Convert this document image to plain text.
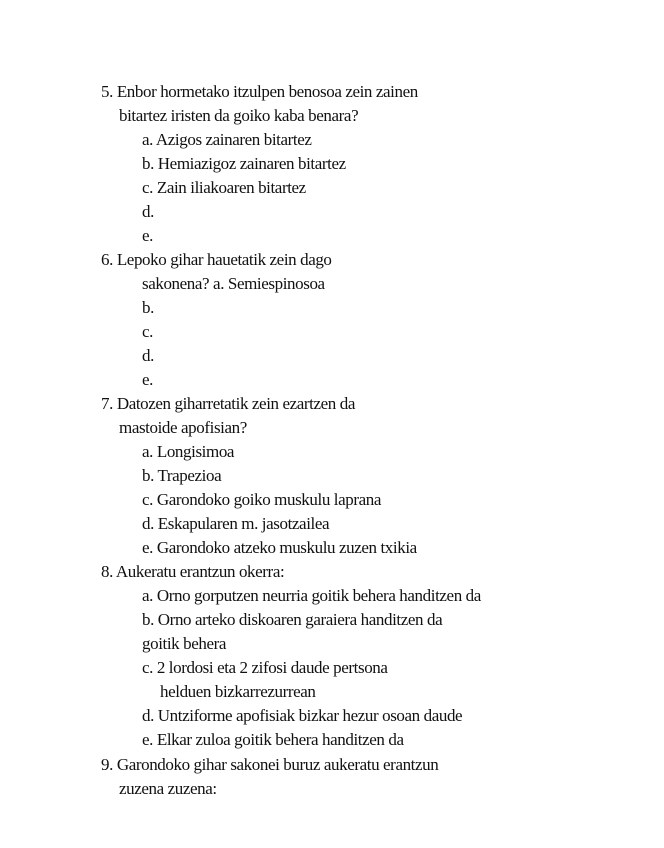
5. Enbor hormetako itzulpen benosoa zein zainen
bitartez iristen da goiko kaba benara?
a. Azigos zainaren bitartez
b. Hemiazigoz zainaren bitartez
c. Zain iliakoaren bitartez
d.
e.
6. Lepoko gihar hauetatik zein dago
sakonena? a. Semiespinosoa
b.
c.
d.
e.
7. Datozen giharretatik zein ezartzen da
mastoide apofisian?
a. Longisimoa
b. Trapezioa
c. Garondoko goiko muskulu laprana
d. Eskapularen m. jasotzailea
e. Garondoko atzeko muskulu zuzen txikia
8. Aukeratu erantzun okerra:
a. Orno gorputzen neurria goitik behera handitzen da
b. Orno arteko diskoaren garaiera handitzen da
goitik behera
c. 2 lordosi eta 2 zifosi daude pertsona
helduen bizkarrezurrean
d. Untziforme apofisiak bizkar hezur osoan daude
e. Elkar zuloa goitik behera handitzen da
9. Garondoko gihar sakonei buruz aukeratu erantzun
zuzena zuzena:
